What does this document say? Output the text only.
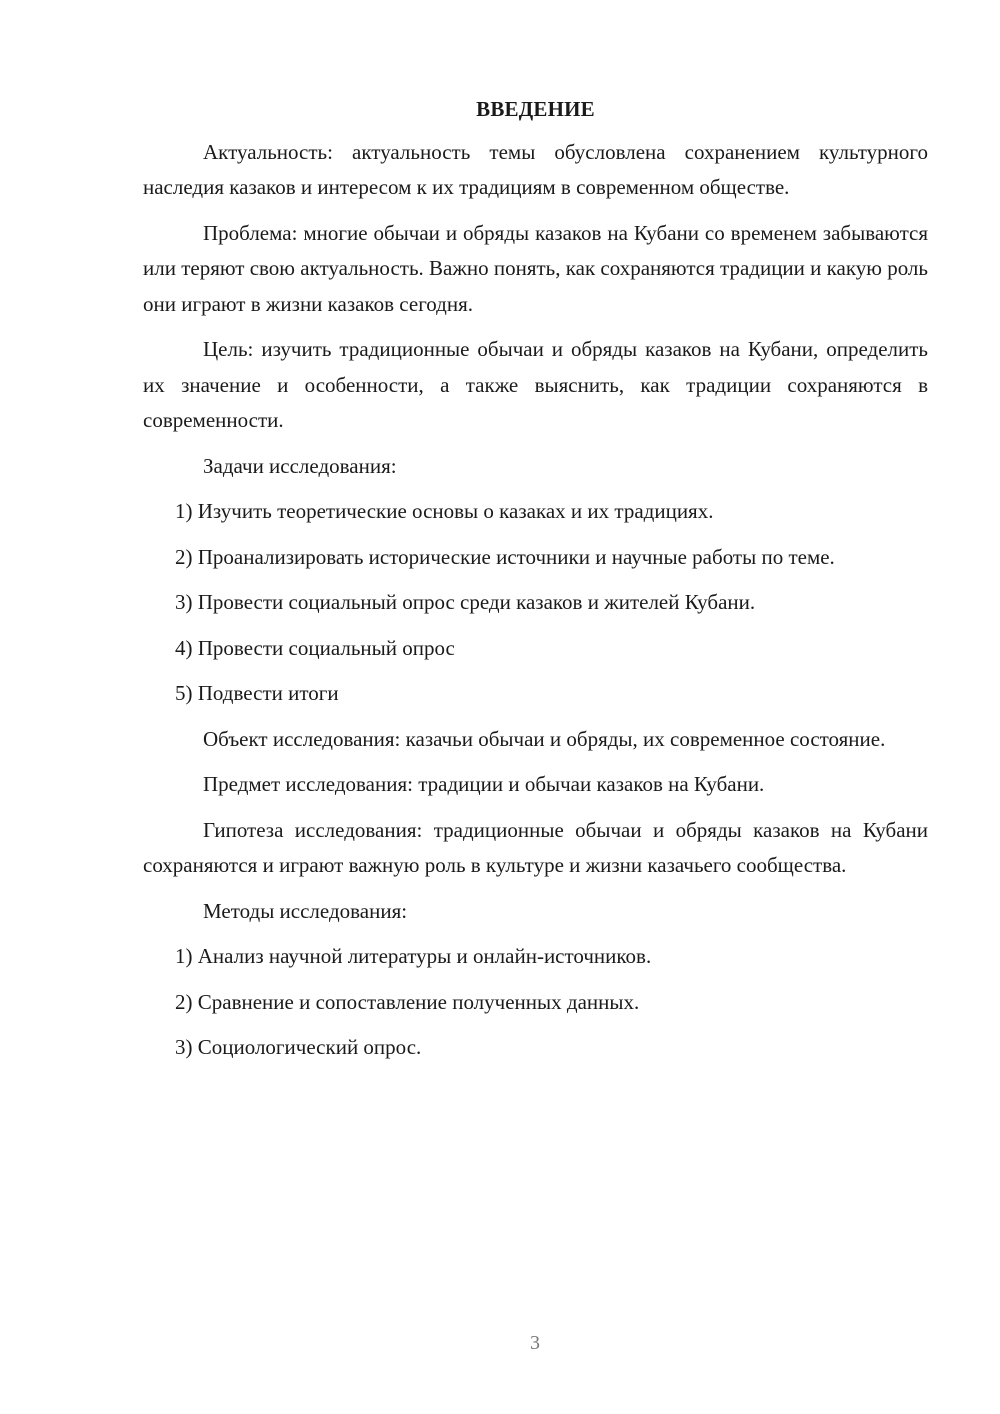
ВВЕДЕНИЕ

Актуальность: актуальность темы обусловлена сохранением культурного наследия казаков и интересом к их традициям в современном обществе.

Проблема: многие обычаи и обряды казаков на Кубани со временем забываются или теряют свою актуальность. Важно понять, как сохраняются традиции и какую роль они играют в жизни казаков сегодня.

Цель: изучить традиционные обычаи и обряды казаков на Кубани, определить их значение и особенности, а также выяснить, как традиции сохраняются в современности.

Задачи исследования:

1) Изучить теоретические основы о казаках и их традициях.

2) Проанализировать исторические источники и научные работы по теме.

3) Провести социальный опрос среди казаков и жителей Кубани.

4) Провести социальный опрос

5) Подвести итоги

Объект исследования: казачьи обычаи и обряды, их современное состояние.

Предмет исследования: традиции и обычаи казаков на Кубани.

Гипотеза исследования: традиционные обычаи и обряды казаков на Кубани сохраняются и играют важную роль в культуре и жизни казачьего сообщества.

Методы исследования:

1) Анализ научной литературы и онлайн-источников.

2) Сравнение и сопоставление полученных данных.

3) Социологический опрос.

3
